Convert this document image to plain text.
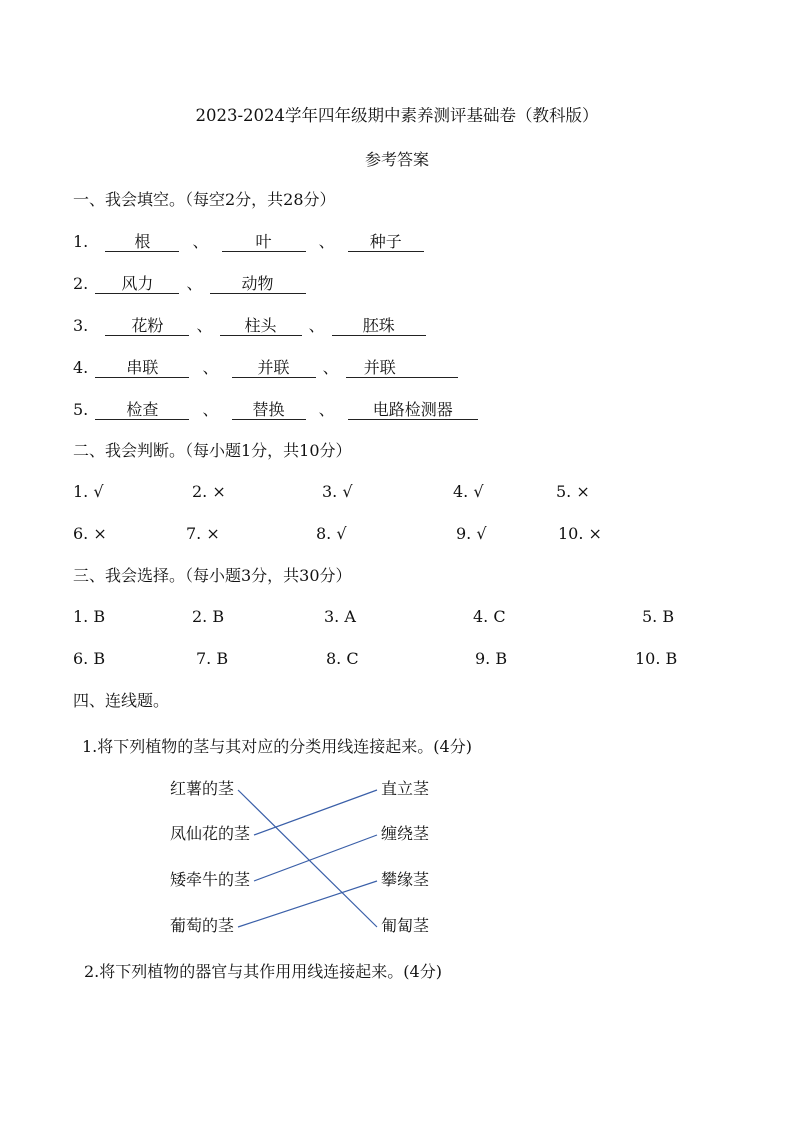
2023-2024学年四年级期中素养测评基础卷（教科版）
参考答案
一、我会填空。（每空2分，共28分）
1.	根	、	叶	、 种子
2. 风力 、 动物
3.	花粉 、 柱头 、 胚珠
4. 串联	、 并联 、 并联
5. 检查	、 替换 、 电路检测器
二、我会判断。（每小题1分，共10分）
1. √	2. ×	3. √	4. √	5. ×
6. ×	7. ×	8. √	9. √	10. ×
三、我会选择。（每小题3分，共30分）
1. B	2. B	3. A	4. C	5. B
6. B	7. B	8. C	9. B	10. B
四、连线题。
1.将下列植物的茎与其对应的分类用线连接起来。(4分)
红薯的茎
凤仙花的茎
矮牵牛的茎
葡萄的茎
直立茎
缠绕茎
攀缘茎
匍匐茎
2.将下列植物的器官与其作用用线连接起来。(4分)
